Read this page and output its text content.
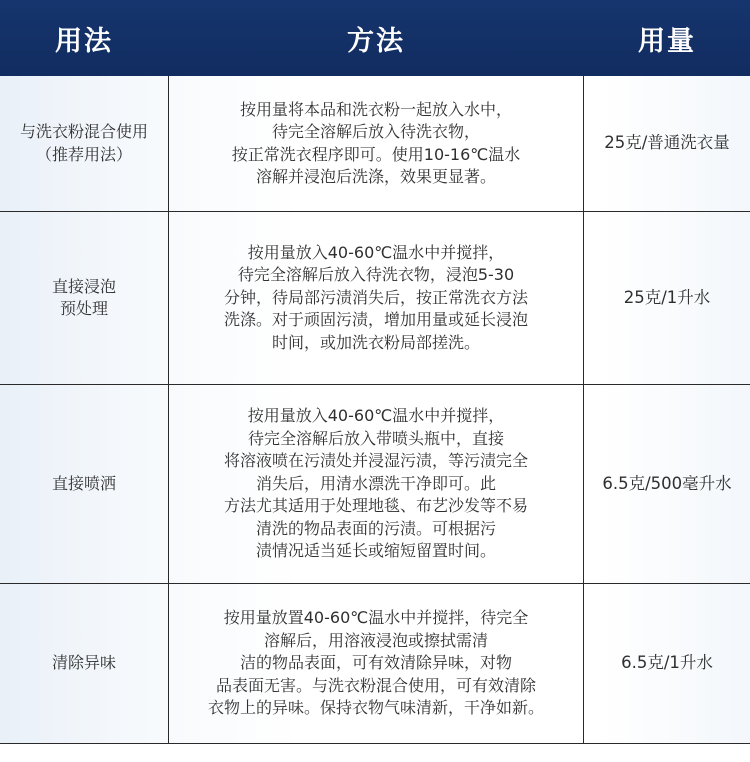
用法	方法	用量
与洗衣粉混合使用
（推荐用法）
按用量将本品和洗衣粉一起放入水中，
待完全溶解后放入待洗衣物，
按正常洗衣程序即可。使用10-16℃温水
溶解并浸泡后洗涤，效果更显著。
25克/普通洗衣量
直接浸泡
预处理
按用量放入40-60℃温水中并搅拌，
待完全溶解后放入待洗衣物，浸泡5-30
分钟，待局部污渍消失后，按正常洗衣方法
洗涤。对于顽固污渍，增加用量或延长浸泡
时间，或加洗衣粉局部搓洗。
25克/1升水
直接喷洒
按用量放入40-60℃温水中并搅拌，
待完全溶解后放入带喷头瓶中，直接
将溶液喷在污渍处并浸湿污渍，等污渍完全
消失后，用清水漂洗干净即可。此
方法尤其适用于处理地毯、布艺沙发等不易
清洗的物品表面的污渍。可根据污
渍情况适当延长或缩短留置时间。
6.5克/500毫升水
清除异味
按用量放置40-60℃温水中并搅拌，待完全
溶解后，用溶液浸泡或擦拭需清
洁的物品表面，可有效清除异味，对物
品表面无害。与洗衣粉混合使用，可有效清除
衣物上的异味。保持衣物气味清新，干净如新。
6.5克/1升水
